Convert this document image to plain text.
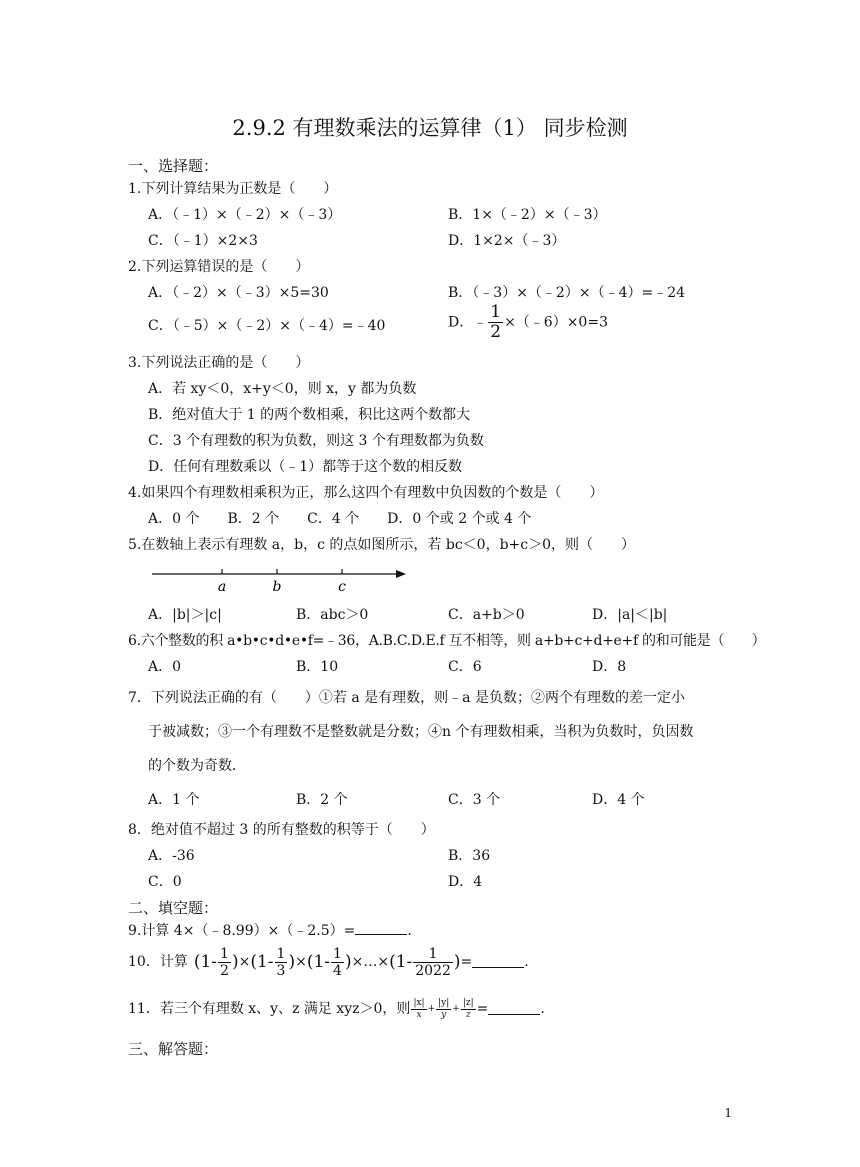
2.9.2 有理数乘法的运算律（1） 同步检测
一、选择题：
1.下列计算结果为正数是（　　）
A．（﹣1）×（﹣2）×（﹣3）	B．1×（﹣2）×（﹣3）
C．（﹣1）×2×3	D．1×2×（﹣3）
2.下列运算错误的是（　　）
A．（﹣2）×（﹣3）×5=30	B．（﹣3）×（﹣2）×（﹣4）=﹣24
C．（﹣5）×（﹣2）×（﹣4）=﹣40	D．﹣ $\frac{1}{2}$ ×（﹣6）×0=3
3.下列说法正确的是（　　）
A．若 xy＜0，x+y＜0，则 x，y 都为负数
B．绝对值大于 1 的两个数相乘，积比这两个数都大
C．3 个有理数的积为负数，则这 3 个有理数都为负数
D．任何有理数乘以（﹣1）都等于这个数的相反数
4.如果四个有理数相乘积为正，那么这四个有理数中负因数的个数是（　　）
A．0 个　　B．2 个　　C．4 个　　D．0 个或 2 个或 4 个
5.在数轴上表示有理数 a，b，c 的点如图所示，若 bc＜0，b+c＞0，则（　　）
a	b	c
A．|b|＞|c|	B．abc＞0	C．a+b＞0	D．|a|＜|b|
6.六个整数的积 a•b•c•d•e•f=﹣36，A.B.C.D.E.f 互不相等，则 a+b+c+d+e+f 的和可能是（　　）
A．0	B．10	C．6	D．8
7．下列说法正确的有（　　）①若 a 是有理数，则﹣a 是负数；②两个有理数的差一定小
于被减数；③一个有理数不是整数就是分数；④n 个有理数相乘，当积为负数时，负因数
的个数为奇数．
A．1 个	B．2 个	C．3 个	D．4 个
8．绝对值不超过 3 的所有整数的积等于（　　）
A．-36	B．36
C．0	D．4
二、填空题：
9.计算 4×（﹣8.99）×（﹣2.5）=	.
10．计算 ($1- \frac{1}{2}$ ) × ($1- \frac{1}{3}$ ) × ($1- \frac{1}{4}$ ) ×…× ($1- \frac{1}{2022}$ ) =	.
11．若三个有理数 x、y、z 满足 xyz＞0，则 $\frac{|x|}{x} + \frac{|y|}{y} + \frac{|z|}{z}$ =	.
三、解答题：
1
